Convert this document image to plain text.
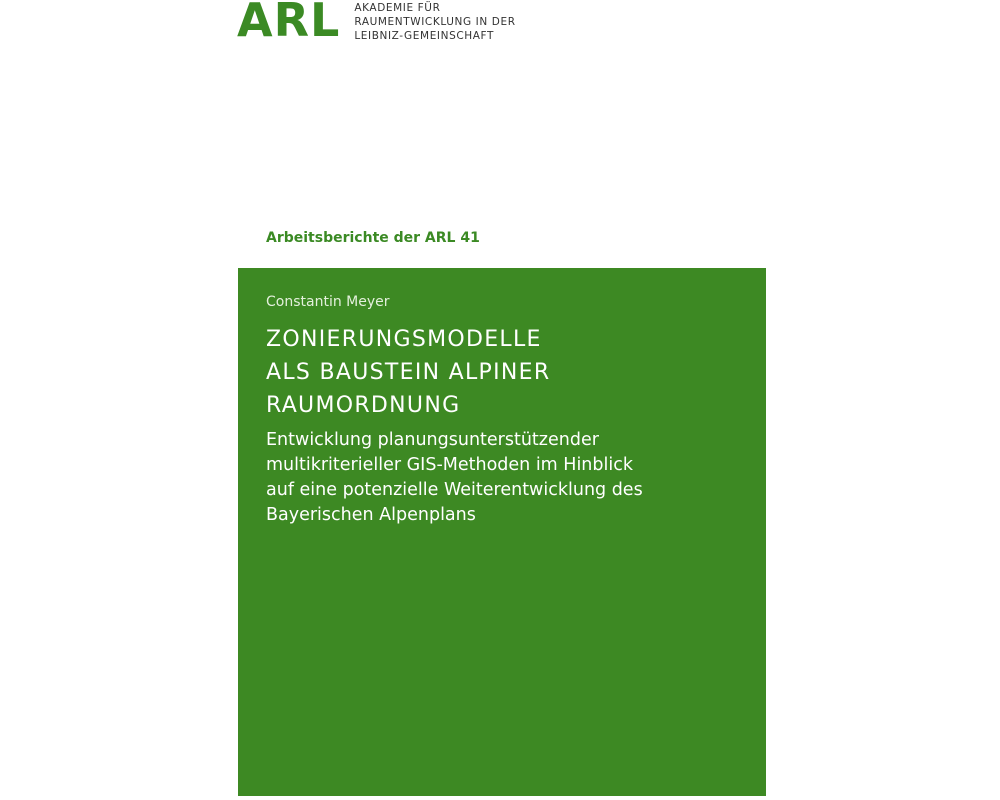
ARL AKADEMIE FÜR
RAUMENTWICKLUNG IN DER
LEIBNIZ-GEMEINSCHAFT
Arbeitsberichte der ARL 41
Constantin Meyer
ZONIERUNGSMODELLE
ALS BAUSTEIN ALPINER
RAUMORDNUNG

Entwicklung planungsunterstützender
multikriterieller GIS-Methoden im Hinblick
auf eine potenzielle Weiterentwicklung des
Bayerischen Alpenplans
